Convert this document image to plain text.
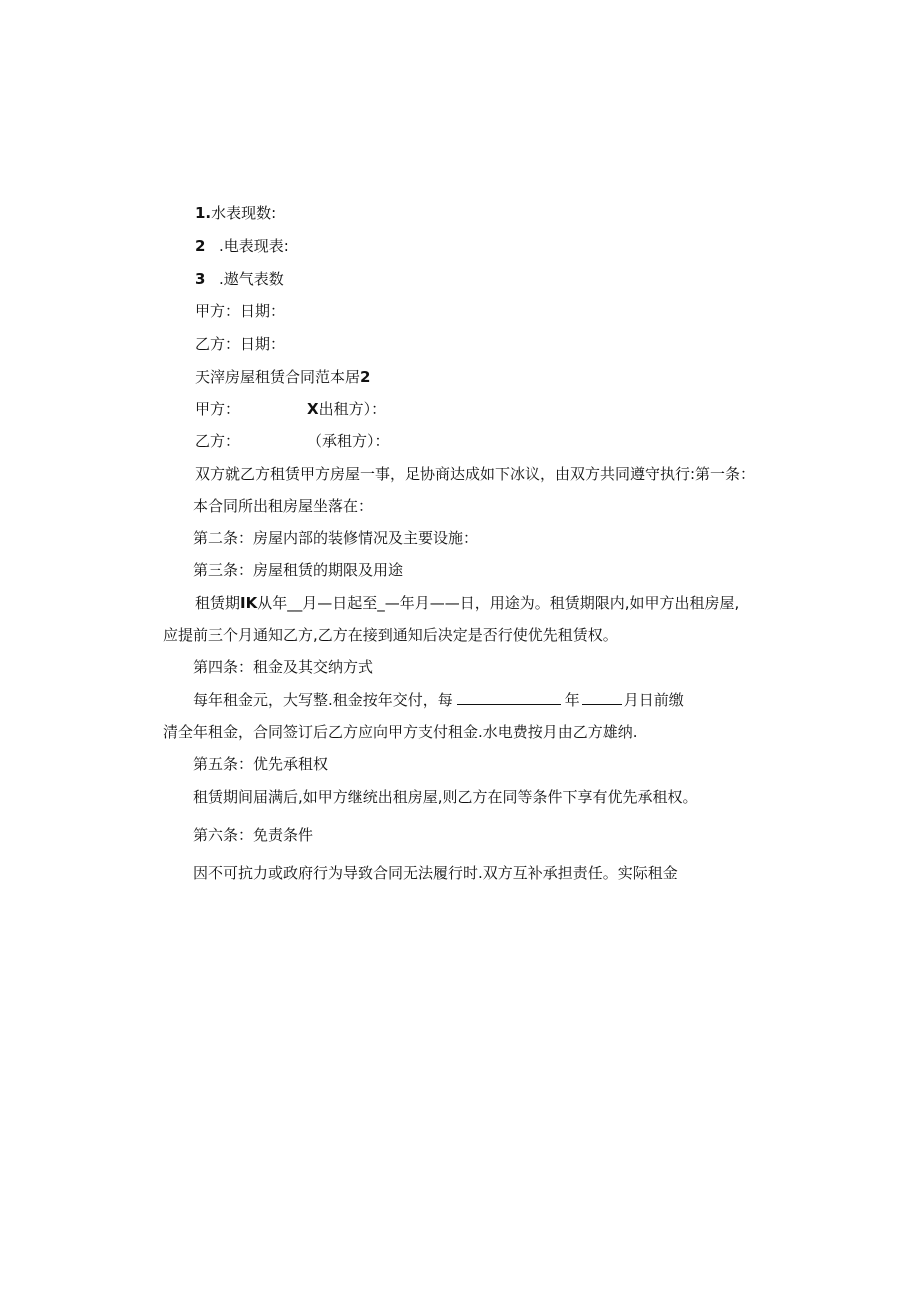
1.水表现数:
2 .电表现表:
3 .遨气表数
甲方：日期：
乙方：日期：
天滓房屋租赁合同范本居2
甲方：	X出租方）：
乙方：	（承租方）：
双方就乙方租赁甲方房屋一事，足协商达成如下冰议，由双方共同遵守执行:第一条：
本合同所出租房屋坐落在：
第二条：房屋内部的装修情况及主要设施：
第三条：房屋租赁的期限及用途
租赁期IK从年__月—日起至_—年月——日，用途为。租赁期限内,如甲方出租房屋,
应提前三个月通知乙方,乙方在接到通知后决定是否行使优先租赁权。
第四条：租金及其交纳方式
每年租金元，大写整.租金按年交付，每	年	月日前缴
清全年租金，合同签订后乙方应向甲方支付租金.水电费按月由乙方雄纳.
第五条：优先承租权
租赁期间届满后,如甲方继统出租房屋,则乙方在同等条件下享有优先承租权。
第六条：免责条件
因不可抗力或政府行为导致合同无法履行时.双方互补承担责任。实际租金
